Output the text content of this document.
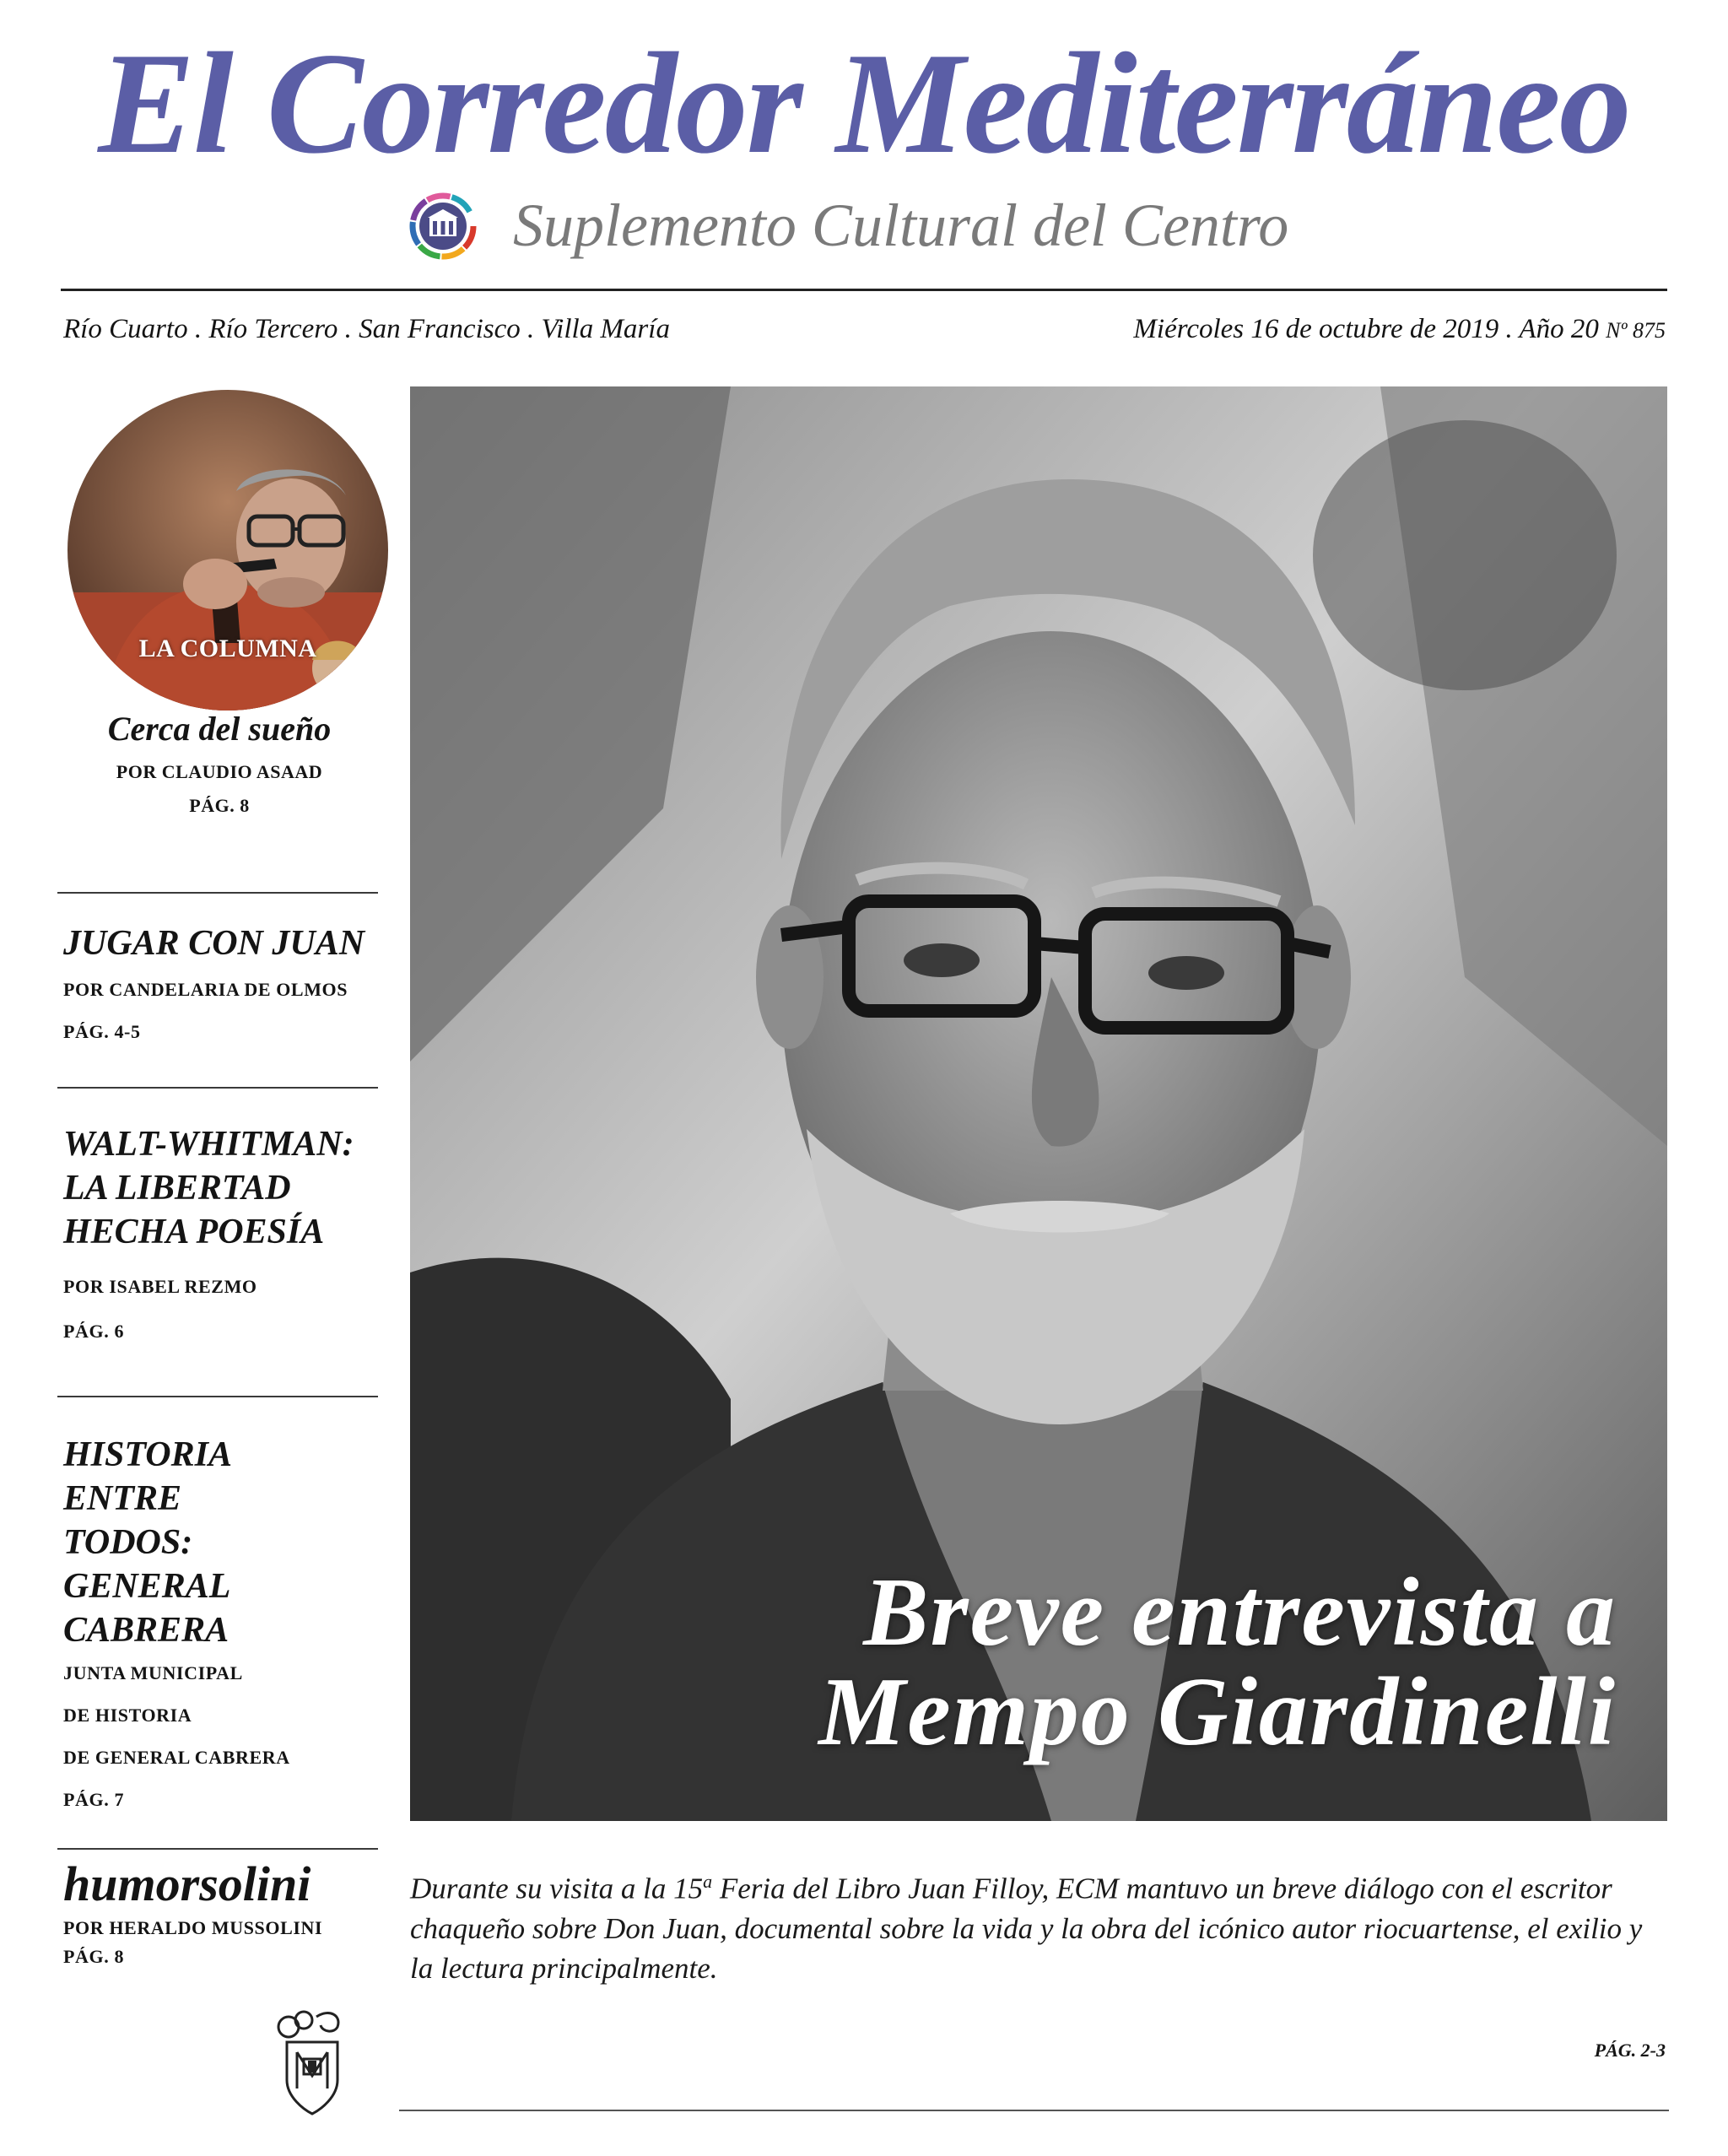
El Corredor Mediterráneo
Suplemento Cultural del Centro
Río Cuarto . Río Tercero . San Francisco . Villa María	Miércoles 16 de octubre de 2019 . Año 20 Nº 875
LA COLUMNA
Cerca del sueño
POR CLAUDIO ASAAD
PÁG. 8
JUGAR CON JUAN
POR CANDELARIA DE OLMOS
PÁG. 4-5
WALT-WHITMAN: LA LIBERTAD HECHA POESÍA
POR ISABEL REZMO
PÁG. 6
HISTORIA ENTRE TODOS: GENERAL CABRERA
JUNTA MUNICIPAL
DE HISTORIA
DE GENERAL CABRERA
PÁG. 7
humorsolini
POR HERALDO MUSSOLINI
PÁG. 8
Breve entrevista a
Mempo Giardinelli
Durante su visita a la 15$^a$ Feria del Libro Juan Filloy, ECM mantuvo un breve diálogo con el escritor chaqueño sobre Don Juan, documental sobre la vida y la obra del icónico autor riocuartense, el exilio y la lectura principalmente.
PÁG. 2-3
